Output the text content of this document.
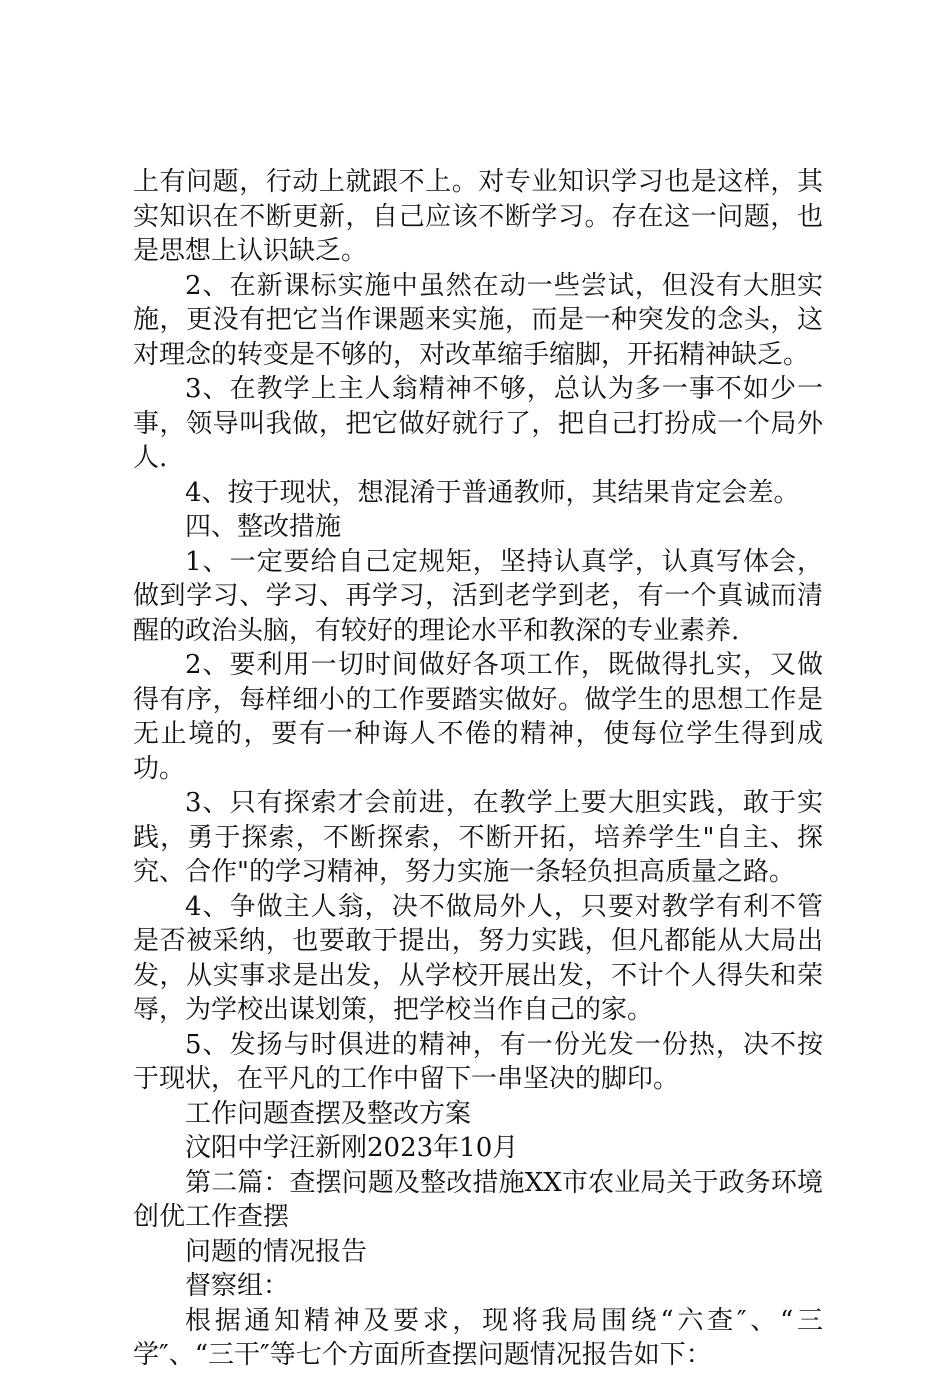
上有问题，行动上就跟不上。对专业知识学习也是这样，其实知识在不断更新，自己应该不断学习。存在这一问题，也是思想上认识缺乏。

2、在新课标实施中虽然在动一些尝试，但没有大胆实施，更没有把它当作课题来实施，而是一种突发的念头，这对理念的转变是不够的，对改革缩手缩脚，开拓精神缺乏。

3、在教学上主人翁精神不够，总认为多一事不如少一事，领导叫我做，把它做好就行了，把自己打扮成一个局外人.

4、按于现状，想混淆于普通教师，其结果肯定会差。

四、整改措施

1、一定要给自己定规矩，坚持认真学，认真写体会，做到学习、学习、再学习，活到老学到老，有一个真诚而清醒的政治头脑，有较好的理论水平和教深的专业素养.

2、要利用一切时间做好各项工作，既做得扎实，又做得有序，每样细小的工作要踏实做好。做学生的思想工作是无止境的，要有一种诲人不倦的精神，使每位学生得到成功。

3、只有探索才会前进，在教学上要大胆实践，敢于实践，勇于探索，不断探索，不断开拓，培养学生"自主、探究、合作"的学习精神，努力实施一条轻负担高质量之路。

4、争做主人翁，决不做局外人，只要对教学有利不管是否被采纳，也要敢于提出，努力实践，但凡都能从大局出发，从实事求是出发，从学校开展出发，不计个人得失和荣辱，为学校出谋划策，把学校当作自己的家。

5、发扬与时俱进的精神，有一份光发一份热，决不按于现状，在平凡的工作中留下一串坚决的脚印。

工作问题查摆及整改方案

汶阳中学汪新刚2023年10月

第二篇：查摆问题及整改措施XX市农业局关于政务环境创优工作查摆

问题的情况报告

督察组：

根据通知精神及要求，现将我局围绕“六查″、“三学″、“三干″等七个方面所查摆问题情况报告如下：
